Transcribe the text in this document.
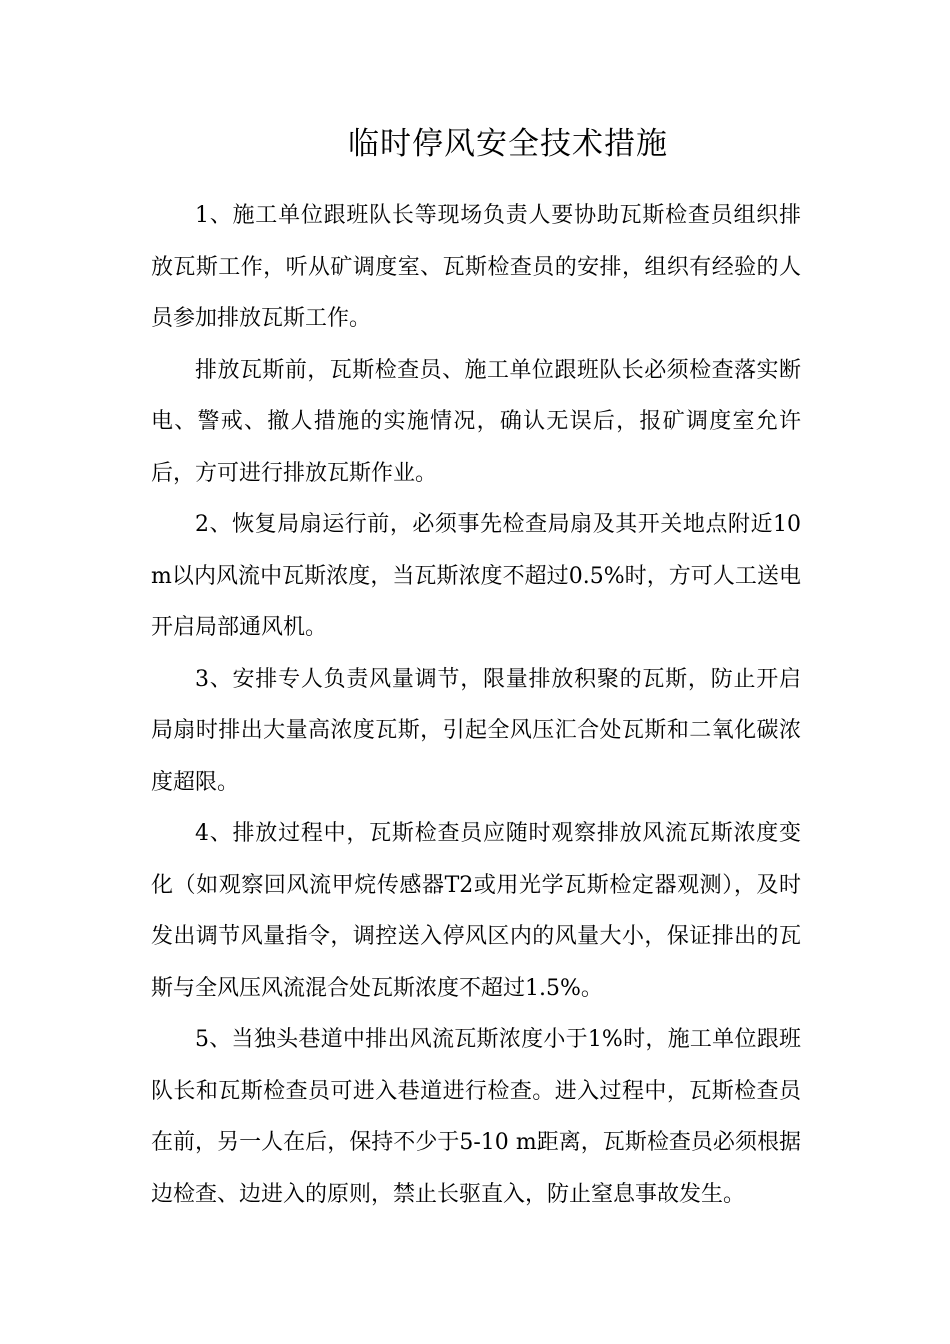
临时停风安全技术措施

1、施工单位跟班队长等现场负责人要协助瓦斯检查员组织排放瓦斯工作，听从矿调度室、瓦斯检查员的安排，组织有经验的人员参加排放瓦斯工作。

排放瓦斯前，瓦斯检查员、施工单位跟班队长必须检查落实断电、警戒、撤人措施的实施情况，确认无误后，报矿调度室允许后，方可进行排放瓦斯作业。

2、恢复局扇运行前，必须事先检查局扇及其开关地点附近10m以内风流中瓦斯浓度，当瓦斯浓度不超过0.5%时，方可人工送电开启局部通风机。

3、安排专人负责风量调节，限量排放积聚的瓦斯，防止开启局扇时排出大量高浓度瓦斯，引起全风压汇合处瓦斯和二氧化碳浓度超限。

4、排放过程中，瓦斯检查员应随时观察排放风流瓦斯浓度变化（如观察回风流甲烷传感器T2或用光学瓦斯检定器观测），及时发出调节风量指令，调控送入停风区内的风量大小，保证排出的瓦斯与全风压风流混合处瓦斯浓度不超过1.5%。

5、当独头巷道中排出风流瓦斯浓度小于1%时，施工单位跟班队长和瓦斯检查员可进入巷道进行检查。进入过程中，瓦斯检查员在前，另一人在后，保持不少于5-10 m距离，瓦斯检查员必须根据边检查、边进入的原则，禁止长驱直入，防止窒息事故发生。
